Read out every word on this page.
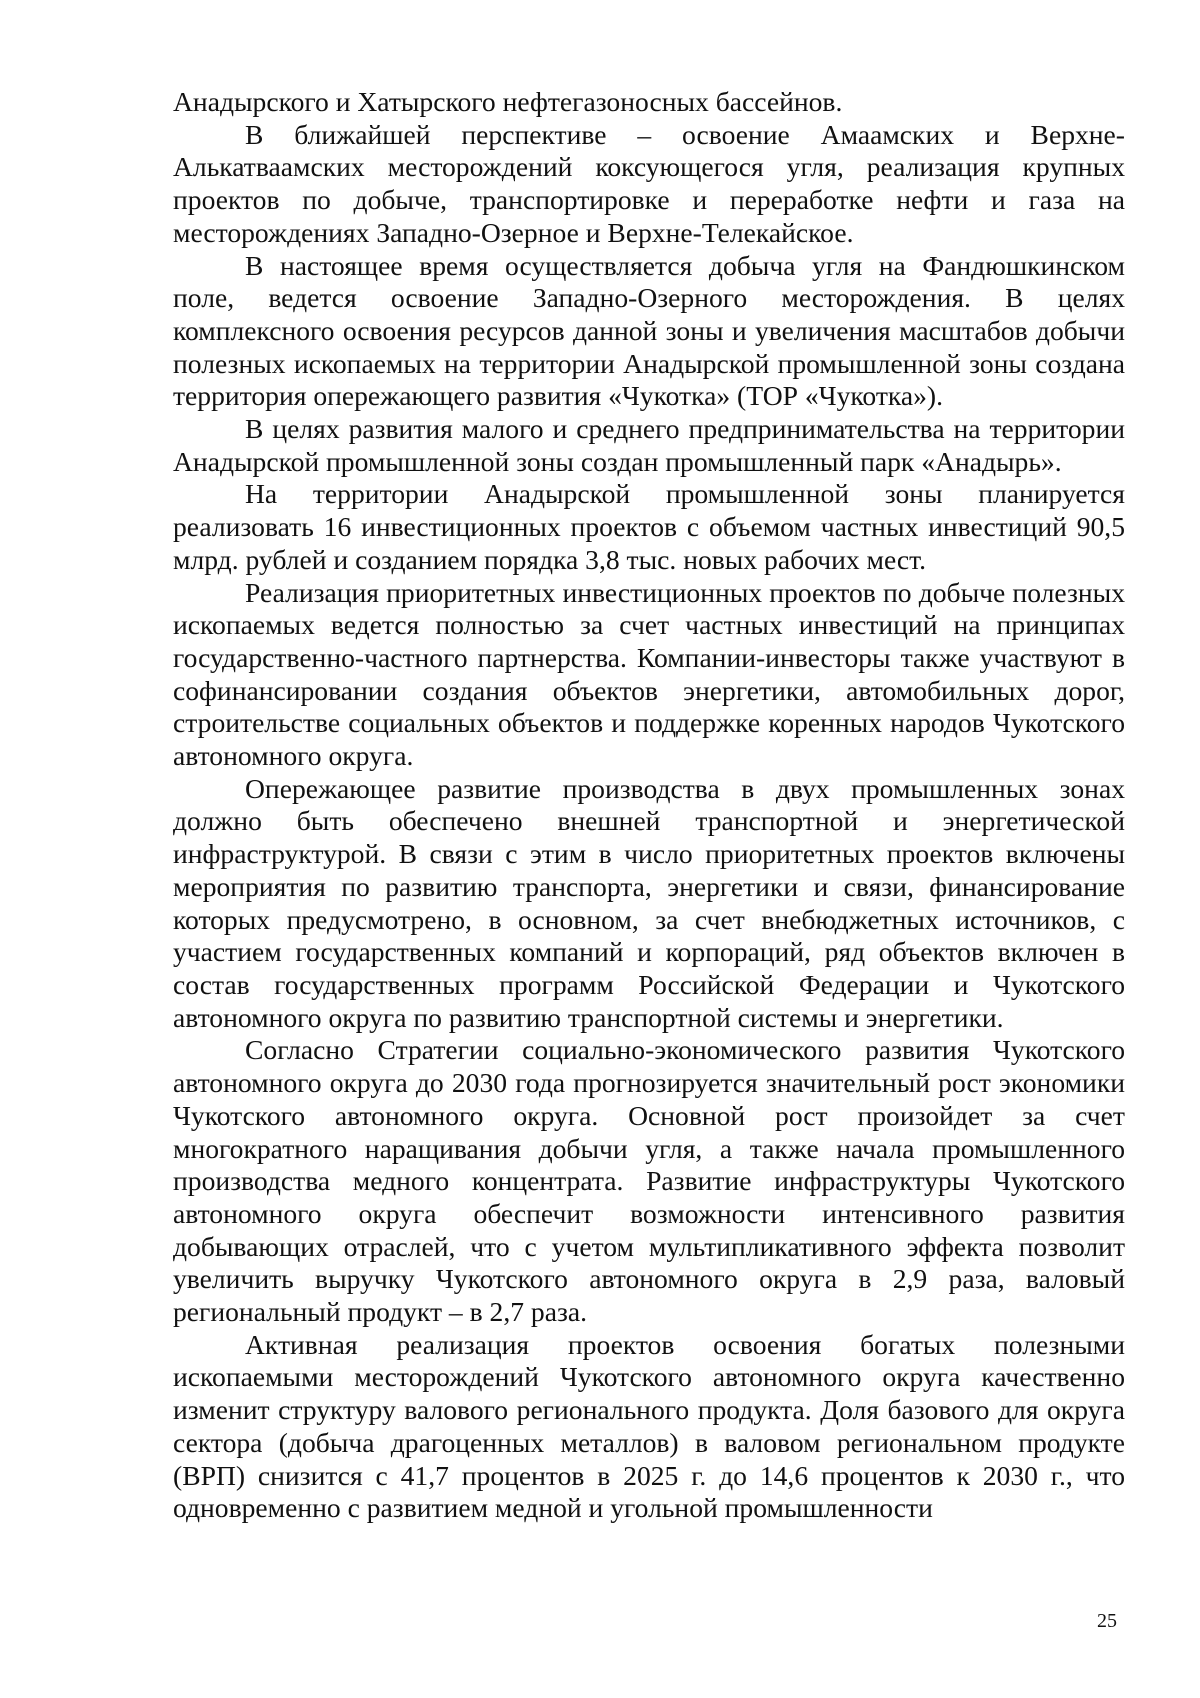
Анадырского и Хатырского нефтегазоносных бассейнов.

В ближайшей перспективе – освоение Амаамских и Верхне-Алькатваамских месторождений коксующегося угля, реализация крупных проектов по добыче, транспортировке и переработке нефти и газа на месторождениях Западно-Озерное и Верхне-Телекайское.

В настоящее время осуществляется добыча угля на Фандюшкинском поле, ведется освоение Западно-Озерного месторождения. В целях комплексного освоения ресурсов данной зоны и увеличения масштабов добычи полезных ископаемых на территории Анадырской промышленной зоны создана территория опережающего развития «Чукотка» (ТОР «Чукотка»).

В целях развития малого и среднего предпринимательства на территории Анадырской промышленной зоны создан промышленный парк «Анадырь».

На территории Анадырской промышленной зоны планируется реализовать 16 инвестиционных проектов с объемом частных инвестиций 90,5 млрд. рублей и созданием порядка 3,8 тыс. новых рабочих мест.

Реализация приоритетных инвестиционных проектов по добыче полезных ископаемых ведется полностью за счет частных инвестиций на принципах государственно-частного партнерства. Компании-инвесторы также участвуют в софинансировании создания объектов энергетики, автомобильных дорог, строительстве социальных объектов и поддержке коренных народов Чукотского автономного округа.

Опережающее развитие производства в двух промышленных зонах должно быть обеспечено внешней транспортной и энергетической инфраструктурой. В связи с этим в число приоритетных проектов включены мероприятия по развитию транспорта, энергетики и связи, финансирование которых предусмотрено, в основном, за счет внебюджетных источников, с участием государственных компаний и корпораций, ряд объектов включен в состав государственных программ Российской Федерации и Чукотского автономного округа по развитию транспортной системы и энергетики.

Согласно Стратегии социально-экономического развития Чукотского автономного округа до 2030 года прогнозируется значительный рост экономики Чукотского автономного округа. Основной рост произойдет за счет многократного наращивания добычи угля, а также начала промышленного производства медного концентрата. Развитие инфраструктуры Чукотского автономного округа обеспечит возможности интенсивного развития добывающих отраслей, что с учетом мультипликативного эффекта позволит увеличить выручку Чукотского автономного округа в 2,9 раза, валовый региональный продукт – в 2,7 раза.

Активная реализация проектов освоения богатых полезными ископаемыми месторождений Чукотского автономного округа качественно изменит структуру валового регионального продукта. Доля базового для округа сектора (добыча драгоценных металлов) в валовом региональном продукте (ВРП) снизится с 41,7 процентов в 2025 г. до 14,6 процентов к 2030 г., что одновременно с развитием медной и угольной промышленности

25
